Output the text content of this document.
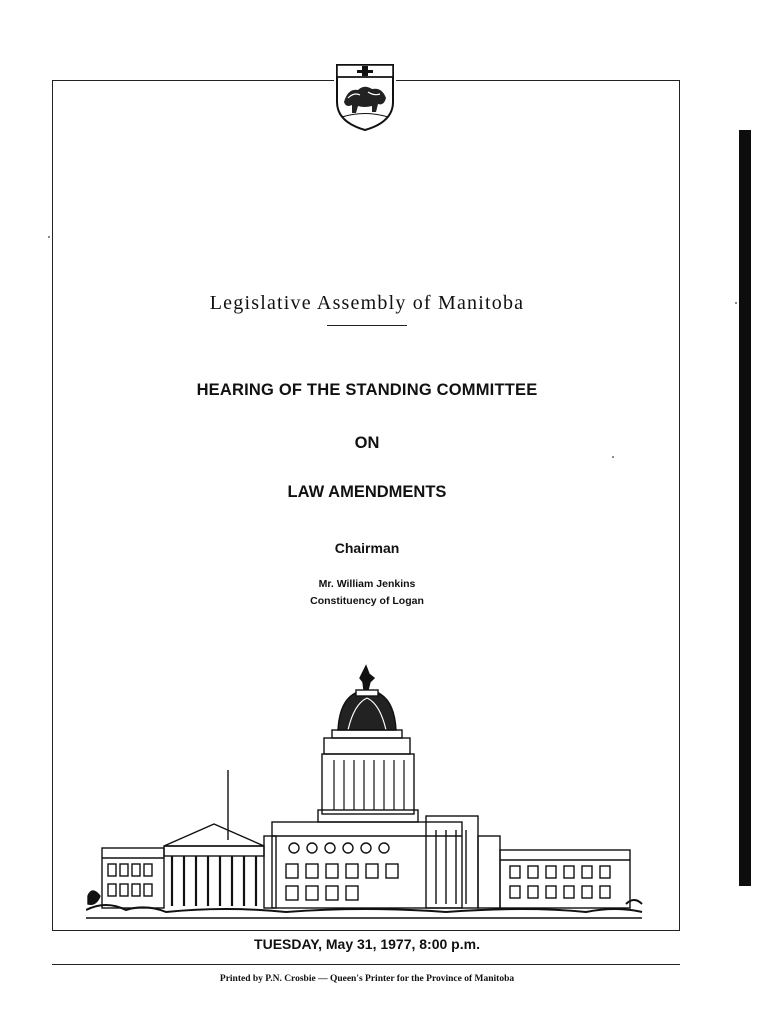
Legislative Assembly of Manitoba
HEARING OF THE STANDING COMMITTEE
ON
LAW AMENDMENTS
Chairman
Mr. William Jenkins
Constituency of Logan
TUESDAY, May 31, 1977, 8:00 p.m.
Printed by P.N. Crosbie — Queen's Printer for the Province of Manitoba
